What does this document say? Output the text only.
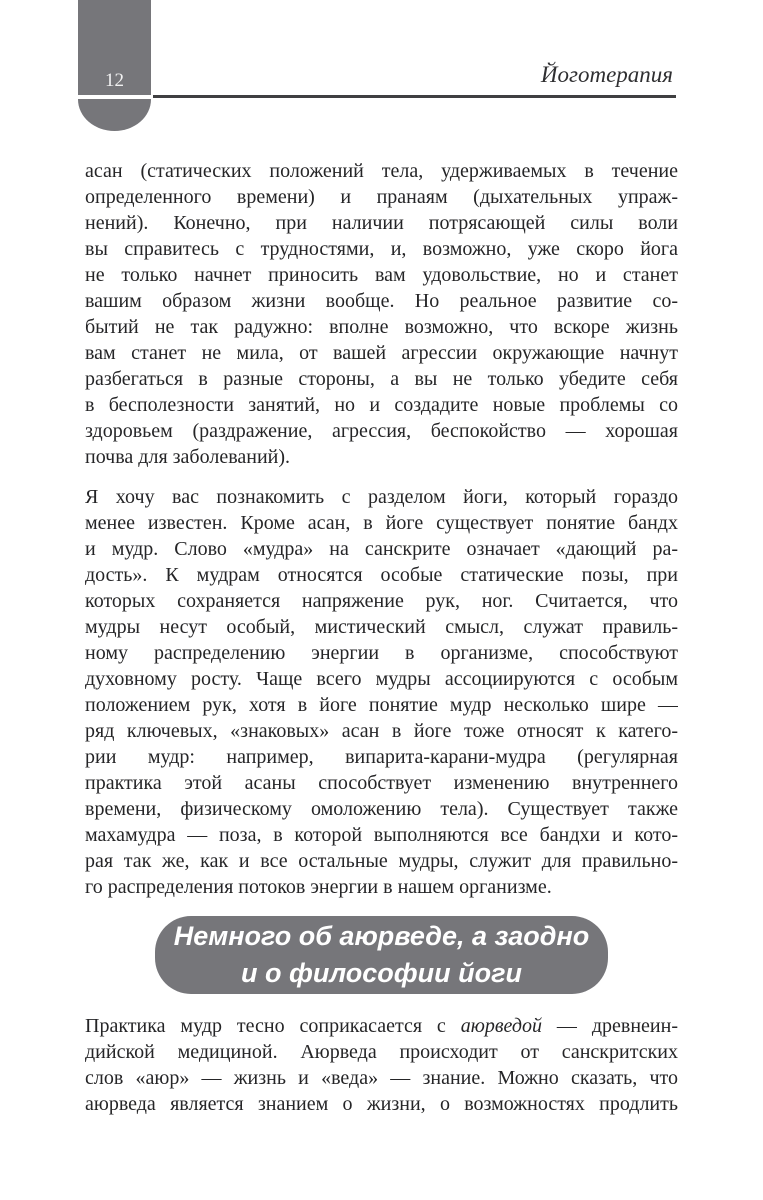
12	Йоготерапия
асан (статических положений тела, удерживаемых в течение
определенного времени) и пранаям (дыхательных упраж-
нений). Конечно, при наличии потрясающей силы воли
вы справитесь с трудностями, и, возможно, уже скоро йога
не только начнет приносить вам удовольствие, но и станет
вашим образом жизни вообще. Но реальное развитие со-
бытий не так радужно: вполне возможно, что вскоре жизнь
вам станет не мила, от вашей агрессии окружающие начнут
разбегаться в разные стороны, а вы не только убедите себя
в бесполезности занятий, но и создадите новые проблемы со
здоровьем (раздражение, агрессия, беспокойство — хорошая
почва для заболеваний).
Я хочу вас познакомить с разделом йоги, который гораздо
менее известен. Кроме асан, в йоге существует понятие бандх
и мудр. Слово «мудра» на санскрите означает «дающий ра-
дость». К мудрам относятся особые статические позы, при
которых сохраняется напряжение рук, ног. Считается, что
мудры несут особый, мистический смысл, служат правиль-
ному распределению энергии в организме, способствуют
духовному росту. Чаще всего мудры ассоциируются с особым
положением рук, хотя в йоге понятие мудр несколько шире —
ряд ключевых, «знаковых» асан в йоге тоже относят к катего-
рии мудр: например, випарита-карани-мудра (регулярная
практика этой асаны способствует изменению внутреннего
времени, физическому омоложению тела). Существует также
махамудра — поза, в которой выполняются все бандхи и кото-
рая так же, как и все остальные мудры, служит для правильно-
го распределения потоков энергии в нашем организме.
Немного об аюрведе, а заодно
и о философии йоги
Практика мудр тесно соприкасается с аюрведой — древнеин-
дийской медициной. Аюрведа происходит от санскритских
слов «аюр» — жизнь и «веда» — знание. Можно сказать, что
аюрведа является знанием о жизни, о возможностях продлить
